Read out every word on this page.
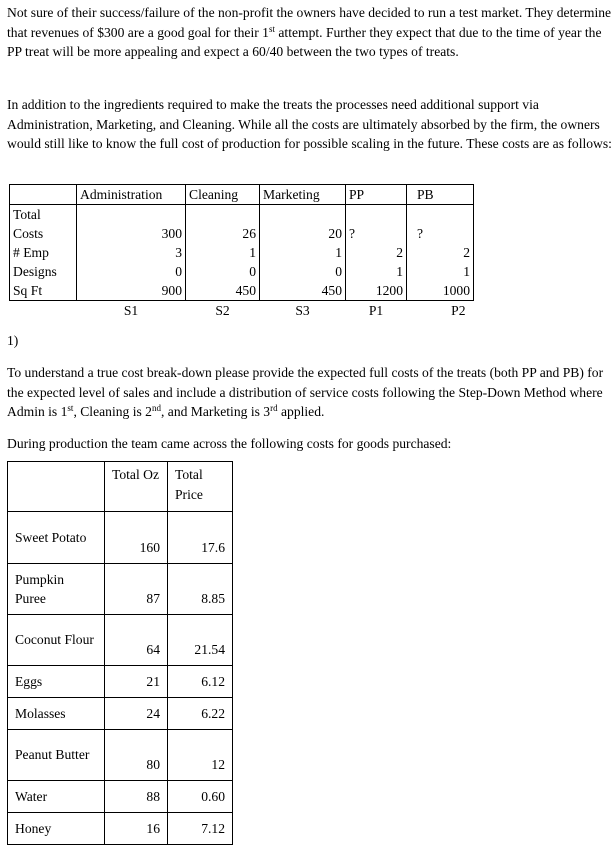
Not sure of their success/failure of the non-profit the owners have decided to run a test market. They determine that revenues of $300 are a good goal for their 1st attempt. Further they expect that due to the time of year the PP treat will be more appealing and expect a 60/40 between the two types of treats.

In addition to the ingredients required to make the treats the processes need additional support via Administration, Marketing, and Cleaning. While all the costs are ultimately absorbed by the firm, the owners would still like to know the full cost of production for possible scaling in the future. These costs are as follows:

	Administration	Cleaning	Marketing	PP	PB
Total Costs	300	26	20	?	?
# Emp	3	1	1	2	2
Designs	0	0	0	1	1
Sq Ft	900	450	450	1200	1000
	S1	S2	S3	P1	P2
1)

To understand a true cost break-down please provide the expected full costs of the treats (both PP and PB) for the expected level of sales and include a distribution of service costs following the Step-Down Method where Admin is 1st, Cleaning is 2nd, and Marketing is 3rd applied.

During production the team came across the following costs for goods purchased:

	Total Oz	Total Price
Sweet Potato	160	17.6
Pumpkin Puree	87	8.85
Coconut Flour	64	21.54
Eggs	21	6.12
Molasses	24	6.22
Peanut Butter	80	12
Water	88	0.60
Honey	16	7.12
